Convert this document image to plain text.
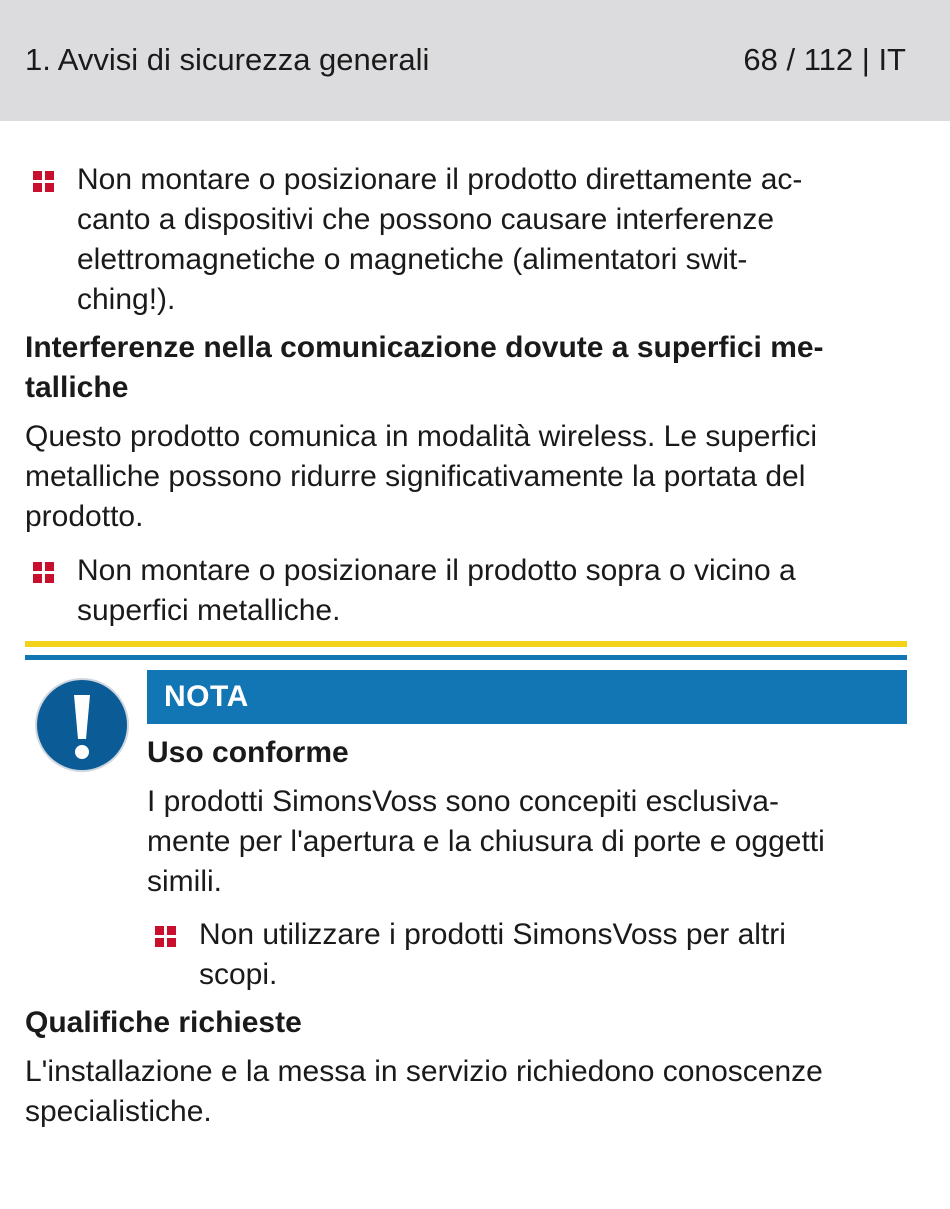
1. Avvisi di sicurezza generali	68 / 112 | IT
Non montare o posizionare il prodotto direttamente ac-
canto a dispositivi che possono causare interferenze
elettromagnetiche o magnetiche (alimentatori swit-
ching!).
Interferenze nella comunicazione dovute a superfici me-
talliche
Questo prodotto comunica in modalità wireless. Le superfici
metalliche possono ridurre significativamente la portata del
prodotto.
Non montare o posizionare il prodotto sopra o vicino a
superfici metalliche.
NOTA
Uso conforme
I prodotti SimonsVoss sono concepiti esclusiva-
mente per l'apertura e la chiusura di porte e oggetti
simili.
Non utilizzare i prodotti SimonsVoss per altri
scopi.
Qualifiche richieste
L'installazione e la messa in servizio richiedono conoscenze
specialistiche.
